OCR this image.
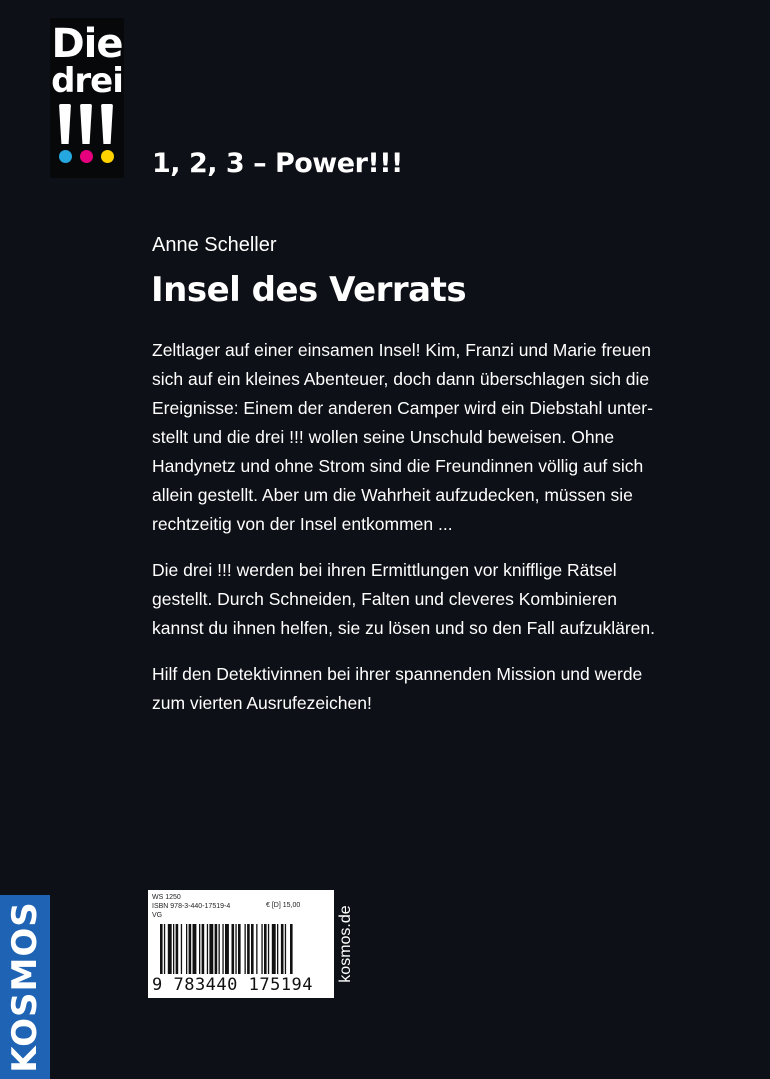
Die
drei
1, 2, 3 – Power!!!
Anne Scheller
Insel des Verrats
Zeltlager auf einer einsamen Insel! Kim, Franzi und Marie freuen
sich auf ein kleines Abenteuer, doch dann überschlagen sich die
Ereignisse: Einem der anderen Camper wird ein Diebstahl unter-
stellt und die drei !!! wollen seine Unschuld beweisen. Ohne
Handynetz und ohne Strom sind die Freundinnen völlig auf sich
allein gestellt. Aber um die Wahrheit aufzudecken, müssen sie
rechtzeitig von der Insel entkommen ...
Die drei !!! werden bei ihren Ermittlungen vor knifflige Rätsel
gestellt. Durch Schneiden, Falten und cleveres Kombinieren
kannst du ihnen helfen, sie zu lösen und so den Fall aufzuklären.
Hilf den Detektivinnen bei ihrer spannenden Mission und werde
zum vierten Ausrufezeichen!
KOSMOS
WS 1250
ISBN 978-3-440-17519-4
VG
€ [D] 15,00
9 783440 175194
kosmos.de
